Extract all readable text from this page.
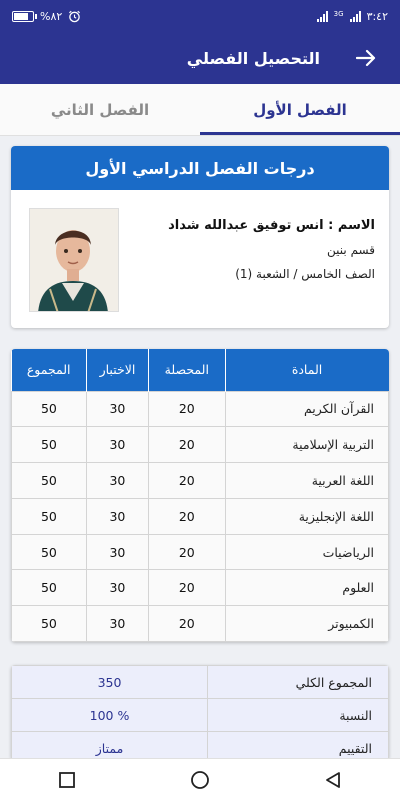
%٨٢	3G ٣:٤٢
التحصيل الفصلي
الفصل الأول
الفصل الثاني
درجات الفصل الدراسي الأول
الاسم : انس توفيق عبدالله شداد
قسم بنين
الصف الخامس / الشعبة (1)
المادة	المحصلة	الاختبار	المجموع
القرآن الكريم	20	30	50
التربية الإسلامية	20	30	50
اللغة العربية	20	30	50
اللغة الإنجليزية	20	30	50
الرياضيات	20	30	50
العلوم	20	30	50
الكمبيوتر	20	30	50
المجموع الكلي	350
النسبة	% 100
التقييم	ممتاز
